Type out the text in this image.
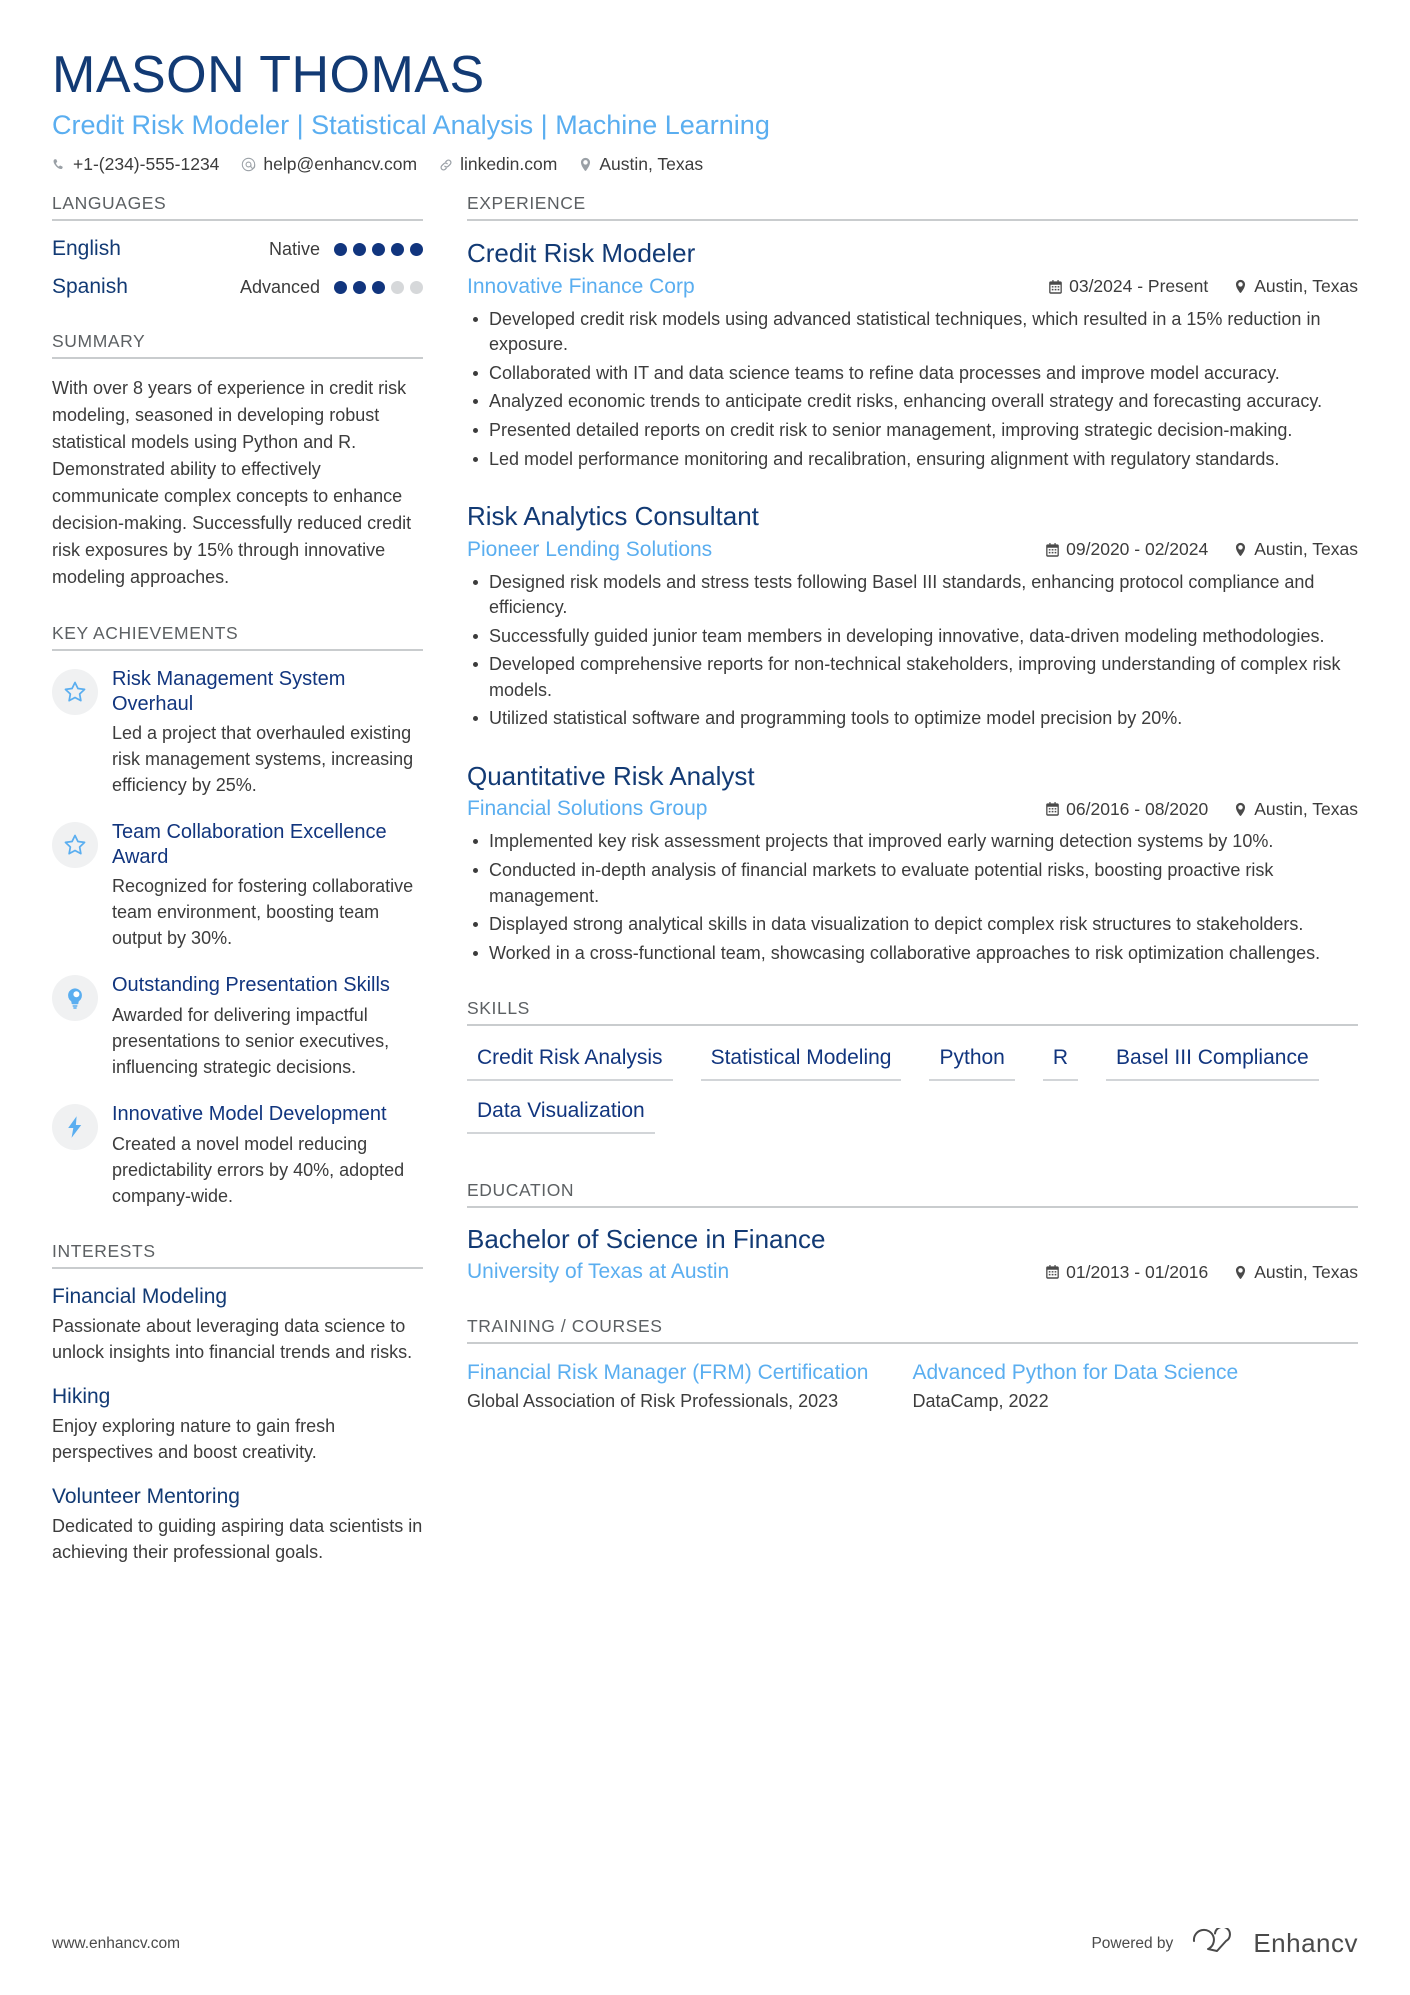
MASON THOMAS
Credit Risk Modeler | Statistical Analysis | Machine Learning
+1-(234)-555-1234	help@enhancv.com linkedin.com Austin, Texas
LANGUAGES
English	Native
Spanish	Advanced
SUMMARY
With over 8 years of experience in credit risk modeling, seasoned in developing robust statistical models using Python and R. Demonstrated ability to effectively communicate complex concepts to enhance decision-making. Successfully reduced credit risk exposures by 15% through innovative modeling approaches.
KEY ACHIEVEMENTS
Risk Management System Overhaul
Led a project that overhauled existing risk management systems, increasing efficiency by 25%.
Team Collaboration Excellence Award
Recognized for fostering collaborative team environment, boosting team output by 30%.
Outstanding Presentation Skills
Awarded for delivering impactful presentations to senior executives, influencing strategic decisions.
Innovative Model Development
Created a novel model reducing predictability errors by 40%, adopted company-wide.
INTERESTS
Financial Modeling
Passionate about leveraging data science to unlock insights into financial trends and risks.
Hiking
Enjoy exploring nature to gain fresh perspectives and boost creativity.
Volunteer Mentoring
Dedicated to guiding aspiring data scientists in achieving their professional goals.
EXPERIENCE
Credit Risk Modeler
Innovative Finance Corp	03/2024 - Present	Austin, Texas
Developed credit risk models using advanced statistical techniques, which resulted in a 15% reduction in exposure.
Collaborated with IT and data science teams to refine data processes and improve model accuracy.
Analyzed economic trends to anticipate credit risks, enhancing overall strategy and forecasting accuracy.
Presented detailed reports on credit risk to senior management, improving strategic decision-making.
Led model performance monitoring and recalibration, ensuring alignment with regulatory standards.
Risk Analytics Consultant
Pioneer Lending Solutions	09/2020 - 02/2024	Austin, Texas
Designed risk models and stress tests following Basel III standards, enhancing protocol compliance and efficiency.
Successfully guided junior team members in developing innovative, data-driven modeling methodologies.
Developed comprehensive reports for non-technical stakeholders, improving understanding of complex risk models.
Utilized statistical software and programming tools to optimize model precision by 20%.
Quantitative Risk Analyst
Financial Solutions Group	06/2016 - 08/2020	Austin, Texas
Implemented key risk assessment projects that improved early warning detection systems by 10%.
Conducted in-depth analysis of financial markets to evaluate potential risks, boosting proactive risk management.
Displayed strong analytical skills in data visualization to depict complex risk structures to stakeholders.
Worked in a cross-functional team, showcasing collaborative approaches to risk optimization challenges.
SKILLS
Credit Risk Analysis	Statistical Modeling	Python	R	Basel III Compliance
Data Visualization
EDUCATION
Bachelor of Science in Finance
University of Texas at Austin	01/2013 - 01/2016	Austin, Texas
TRAINING / COURSES
Financial Risk Manager (FRM) Certification
Global Association of Risk Professionals, 2023
Advanced Python for Data Science
DataCamp, 2022
www.enhancv.com	Powered by	Enhancv
